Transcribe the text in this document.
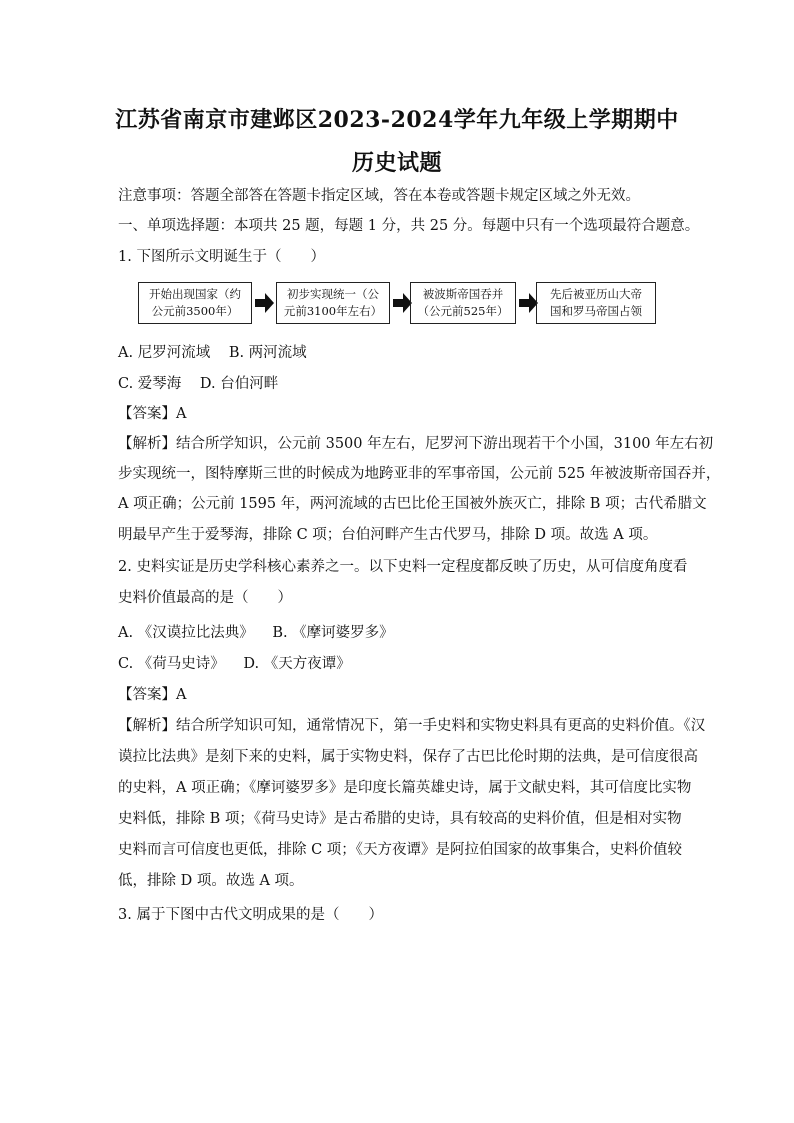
江苏省南京市建邺区2023-2024学年九年级上学期期中
历史试题
注意事项：答题全部答在答题卡指定区域，答在本卷或答题卡规定区域之外无效。
一、单项选择题：本项共 25 题，每题 1 分，共 25 分。每题中只有一个选项最符合题意。
1. 下图所示文明诞生于（　　）
开始出现国家（约
公元前3500年）
初步实现统一（公
元前3100年左右）
被波斯帝国吞并
（公元前525年）
先后被亚历山大帝
国和罗马帝国占领
A. 尼罗河流域 B. 两河流域
C. 爱琴海 D. 台伯河畔
【答案】A
【解析】结合所学知识，公元前 3500 年左右，尼罗河下游出现若干个小国，3100 年左右初
步实现统一，图特摩斯三世的时候成为地跨亚非的军事帝国，公元前 525 年被波斯帝国吞并，
A 项正确；公元前 1595 年，两河流域的古巴比伦王国被外族灭亡，排除 B 项；古代希腊文
明最早产生于爱琴海，排除 C 项；台伯河畔产生古代罗马，排除 D 项。故选 A 项。
2. 史料实证是历史学科核心素养之一。以下史料一定程度都反映了历史，从可信度角度看
史料价值最高的是（　　）
A. 《汉谟拉比法典》 B. 《摩诃婆罗多》
C. 《荷马史诗》 D. 《天方夜谭》
【答案】A
【解析】结合所学知识可知，通常情况下，第一手史料和实物史料具有更高的史料价值。《汉
谟拉比法典》是刻下来的史料，属于实物史料，保存了古巴比伦时期的法典，是可信度很高
的史料，A 项正确；《摩诃婆罗多》是印度长篇英雄史诗，属于文献史料，其可信度比实物
史料低，排除 B 项；《荷马史诗》是古希腊的史诗，具有较高的史料价值，但是相对实物
史料而言可信度也更低，排除 C 项；《天方夜谭》是阿拉伯国家的故事集合，史料价值较
低，排除 D 项。故选 A 项。
3. 属于下图中古代文明成果的是（　　）
